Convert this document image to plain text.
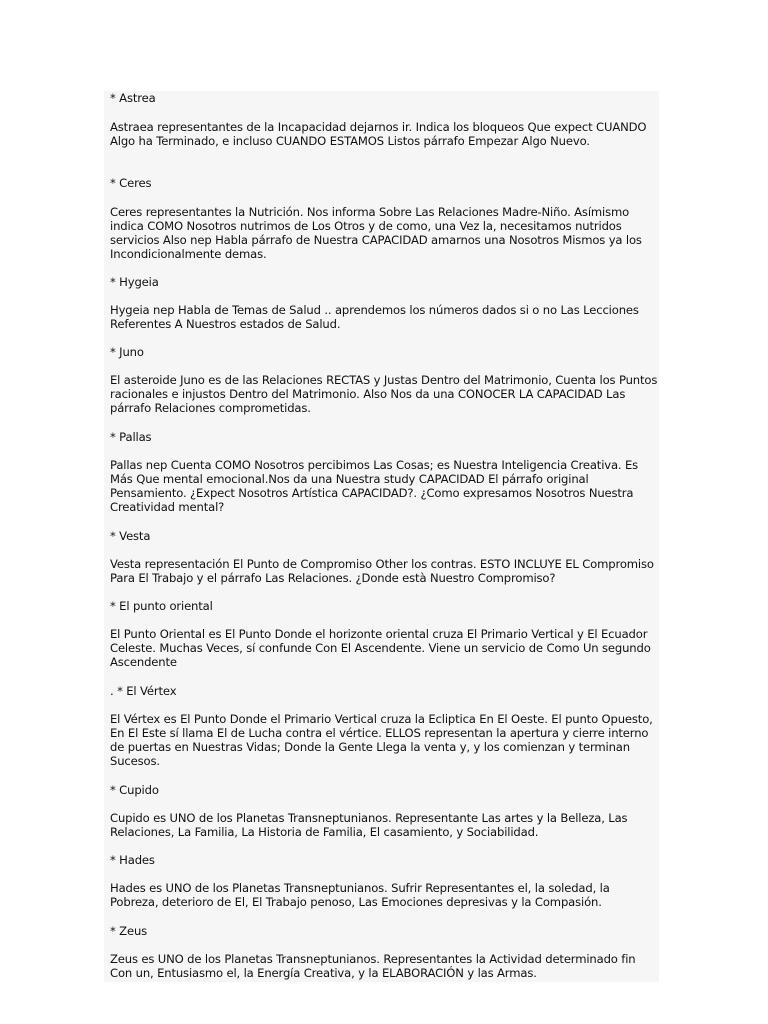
* Astrea
Astraea representantes de la Incapacidad dejarnos ir. Indica los bloqueos Que expect CUANDO Algo ha Terminado, e incluso CUANDO ESTAMOS Listos párrafo Empezar Algo Nuevo.
* Ceres
Ceres representantes la Nutrición. Nos informa Sobre Las Relaciones Madre-Niño. Asímismo indica COMO Nosotros nutrimos de Los Otros y de como, una Vez la, necesitamos nutridos servicios Also nep Habla párrafo de Nuestra CAPACIDAD amarnos una Nosotros Mismos ya los Incondicionalmente demas.
* Hygeia
Hygeia nep Habla de Temas de Salud .. aprendemos los números dados si o no Las Lecciones Referentes A Nuestros estados de Salud.
* Juno
El asteroide Juno es de las Relaciones RECTAS y Justas Dentro del Matrimonio, Cuenta los Puntos racionales e injustos Dentro del Matrimonio. Also Nos da una CONOCER LA CAPACIDAD Las párrafo Relaciones comprometidas.
* Pallas
Pallas nep Cuenta COMO Nosotros percibimos Las Cosas; es Nuestra Inteligencia Creativa. Es Más Que mental emocional.Nos da una Nuestra study CAPACIDAD El párrafo original Pensamiento. ¿Expect Nosotros Artística CAPACIDAD?. ¿Como expresamos Nosotros Nuestra Creatividad mental?
* Vesta
Vesta representación El Punto de Compromiso Other los contras. ESTO INCLUYE EL Compromiso Para El Trabajo y el párrafo Las Relaciones. ¿Donde està Nuestro Compromiso?
* El punto oriental
El Punto Oriental es El Punto Donde el horizonte oriental cruza El Primario Vertical y El Ecuador Celeste. Muchas Veces, sí confunde Con El Ascendente. Viene un servicio de Como Un segundo Ascendente
. * El Vértex
El Vértex es El Punto Donde el Primario Vertical cruza la Ecliptica En El Oeste. El punto Opuesto, En El Este sí llama El de Lucha contra el vértice. ELLOS representan la apertura y cierre interno de puertas en Nuestras Vidas; Donde la Gente Llega la venta y, y los comienzan y terminan Sucesos.
* Cupido
Cupido es UNO de los Planetas Transneptunianos. Representante Las artes y la Belleza, Las Relaciones, La Familia, La Historia de Familia, El casamiento, y Sociabilidad.
* Hades
Hades es UNO de los Planetas Transneptunianos. Sufrir Representantes el, la soledad, la Pobreza, deterioro de El, El Trabajo penoso, Las Emociones depresivas y la Compasión.
* Zeus
Zeus es UNO de los Planetas Transneptunianos. Representantes la Actividad determinado fin Con un, Entusiasmo el, la Energía Creativa, y la ELABORACIÓN y las Armas.
